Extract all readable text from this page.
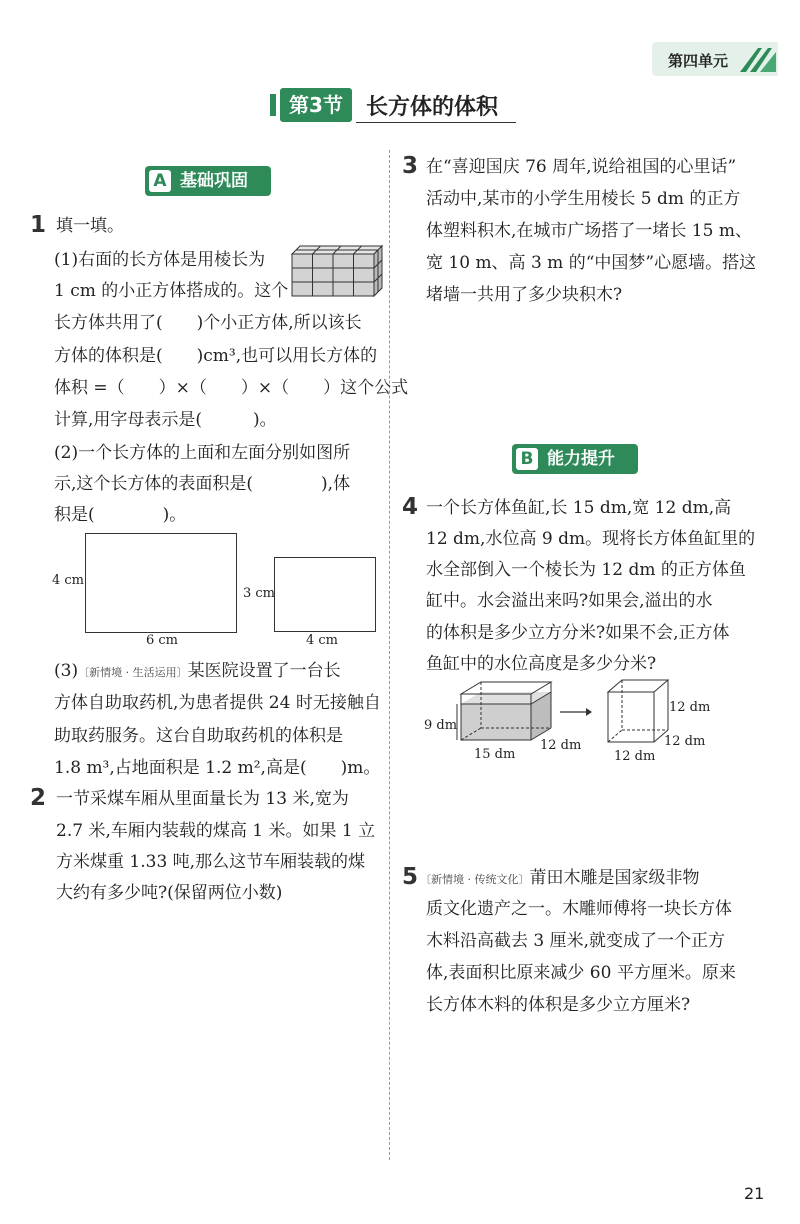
第四单元
第3节	长方体的体积
A 基础巩固
1 填一填。
(1)右面的长方体是用棱长为
1 cm 的小正方体搭成的。这个
长方体共用了(　　)个小正方体,所以该长
方体的体积是(　　)cm³,也可以用长方体的
体积 =（　　）×（　　）×（　　）这个公式
计算,用字母表示是(　　　)。
(2)一个长方体的上面和左面分别如图所
示,这个长方体的表面积是(　　　　),体
积是(　　　　)。
4 cm
6 cm
3 cm
4 cm
(3)〔新情境 · 生活运用〕某医院设置了一台长
方体自助取药机,为患者提供 24 时无接触自
助取药服务。这台自助取药机的体积是
1.8 m³,占地面积是 1.2 m²,高是(　　)m。
2 一节采煤车厢从里面量长为 13 米,宽为
2.7 米,车厢内装载的煤高 1 米。如果 1 立
方米煤重 1.33 吨,那么这节车厢装载的煤
大约有多少吨?(保留两位小数)
3 在“喜迎国庆 76 周年,说给祖国的心里话”
活动中,某市的小学生用棱长 5 dm 的正方
体塑料积木,在城市广场搭了一堵长 15 m、
宽 10 m、高 3 m 的“中国梦”心愿墙。搭这
堵墙一共用了多少块积木?
B 能力提升
4 一个长方体鱼缸,长 15 dm,宽 12 dm,高
12 dm,水位高 9 dm。现将长方体鱼缸里的
水全部倒入一个棱长为 12 dm 的正方体鱼
缸中。水会溢出来吗?如果会,溢出的水
的体积是多少立方分米?如果不会,正方体
鱼缸中的水位高度是多少分米?
9 dm
15 dm
12 dm
12 dm
12 dm
12 dm
5 〔新情境 · 传统文化〕莆田木雕是国家级非物
质文化遗产之一。木雕师傅将一块长方体
木料沿高截去 3 厘米,就变成了一个正方
体,表面积比原来减少 60 平方厘米。原来
长方体木料的体积是多少立方厘米?
21
